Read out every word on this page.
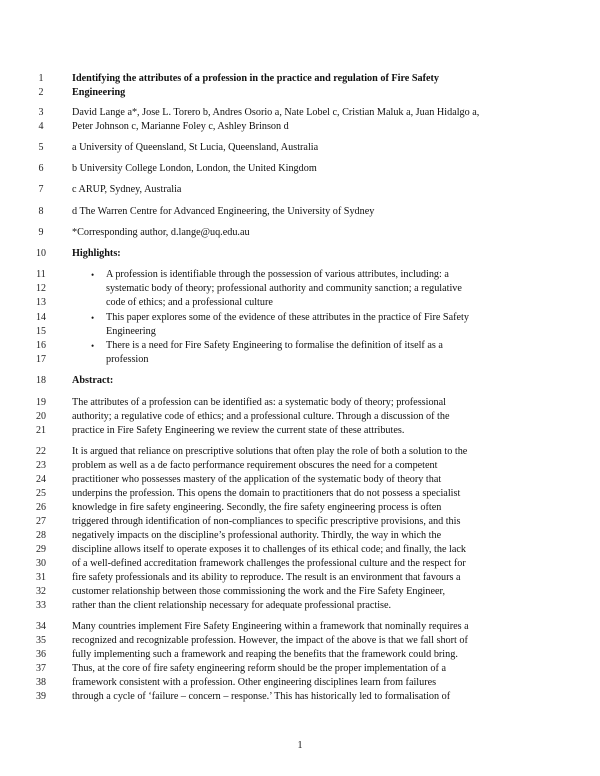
1	Identifying the attributes of a profession in the practice and regulation of Fire Safety
2	Engineering
3	David Lange a*, Jose L. Torero b, Andres Osorio a, Nate Lobel c, Cristian Maluk a, Juan Hidalgo a,
4	Peter Johnson c, Marianne Foley c, Ashley Brinson d
5	a University of Queensland, St Lucia, Queensland, Australia
6	b University College London, London, the United Kingdom
7	c ARUP, Sydney, Australia
8	d The Warren Centre for Advanced Engineering, the University of Sydney
9	*Corresponding author, d.lange@uq.edu.au
10	Highlights:
11	• A profession is identifiable through the possession of various attributes, including: a
12	systematic body of theory; professional authority and community sanction; a regulative
13	code of ethics; and a professional culture
14	• This paper explores some of the evidence of these attributes in the practice of Fire Safety
15	Engineering
16	• There is a need for Fire Safety Engineering to formalise the definition of itself as a
17	profession
18	Abstract:
19	The attributes of a profession can be identified as: a systematic body of theory; professional
20	authority; a regulative code of ethics; and a professional culture. Through a discussion of the
21	practice in Fire Safety Engineering we review the current state of these attributes.
22	It is argued that reliance on prescriptive solutions that often play the role of both a solution to the
23	problem as well as a de facto performance requirement obscures the need for a competent
24	practitioner who possesses mastery of the application of the systematic body of theory that
25	underpins the profession. This opens the domain to practitioners that do not possess a specialist
26	knowledge in fire safety engineering. Secondly, the fire safety engineering process is often
27	triggered through identification of non-compliances to specific prescriptive provisions, and this
28	negatively impacts on the discipline’s professional authority. Thirdly, the way in which the
29	discipline allows itself to operate exposes it to challenges of its ethical code; and finally, the lack
30	of a well-defined accreditation framework challenges the professional culture and the respect for
31	fire safety professionals and its ability to reproduce. The result is an environment that favours a
32	customer relationship between those commissioning the work and the Fire Safety Engineer,
33	rather than the client relationship necessary for adequate professional practise.
34	Many countries implement Fire Safety Engineering within a framework that nominally requires a
35	recognized and recognizable profession. However, the impact of the above is that we fall short of
36	fully implementing such a framework and reaping the benefits that the framework could bring.
37	Thus, at the core of fire safety engineering reform should be the proper implementation of a
38	framework consistent with a profession. Other engineering disciplines learn from failures
39	through a cycle of ‘failure – concern – response.’ This has historically led to formalisation of
1
